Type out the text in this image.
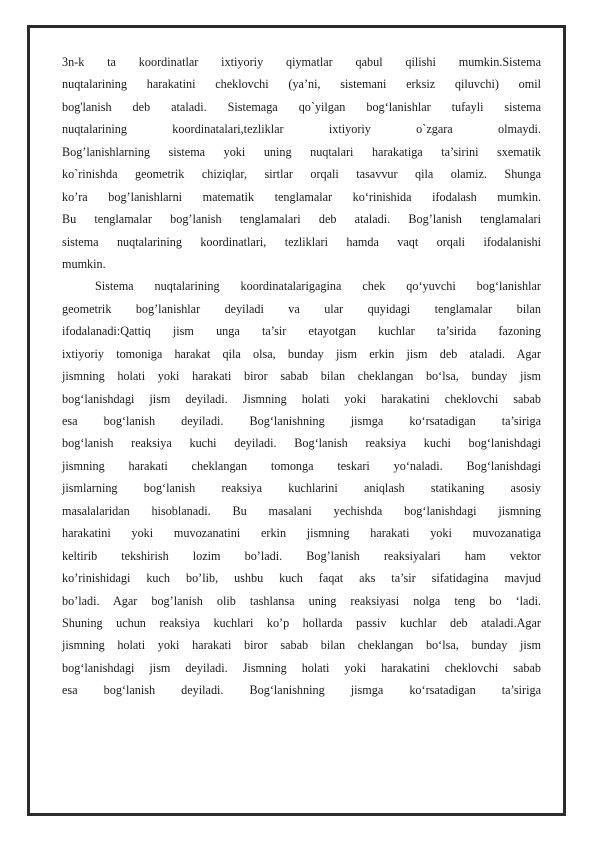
3n-k ta koordinatlar ixtiyoriy qiymatlar qabul qilishi mumkin.Sistema
nuqtalarining harakatini cheklovchi (ya’ni, sistemani erksiz qiluvchi) omil
bog'lanish deb ataladi. Sistemaga qo`yilgan bog‘lanishlar tufayli sistema
nuqtalarining koordinatalari,tezliklar ixtiyoriy o`zgara olmaydi.
Bog’lanishlarning sistema yoki uning nuqtalari harakatiga ta’sirini sxematik
ko`rinishda geometrik chiziqlar, sirtlar orqali tasavvur qila olamiz. Shunga
ko’ra bog’lanishlarni matematik tenglamalar ko‘rinishida ifodalash mumkin.
Bu tenglamalar bog’lanish tenglamalari deb ataladi. Bog’lanish tenglamalari
sistema nuqtalarining koordinatlari, tezliklari hamda vaqt orqali ifodalanishi
mumkin.

Sistema nuqtalarining koordinatalarigagina chek qo‘yuvchi bog‘lanishlar
geometrik bog’lanishlar deyiladi va ular quyidagi tenglamalar bilan
ifodalanadi:Qattiq jism unga ta’sir etayotgan kuchlar ta’sirida fazoning
ixtiyoriy tomoniga harakat qila olsa, bunday jism erkin jism deb ataladi. Agar
jismning holati yoki harakati biror sabab bilan cheklangan bo‘lsa, bunday jism
bog‘lanishdagi jism deyiladi. Jismning holati yoki harakatini cheklovchi sabab
esa bog‘lanish deyiladi. Bog‘lanishning jismga ko‘rsatadigan ta’siriga
bog‘lanish reaksiya kuchi deyiladi. Bog‘lanish reaksiya kuchi bog‘lanishdagi
jismning harakati cheklangan tomonga teskari yo‘naladi. Bog‘lanishdagi
jismlarning bog‘lanish reaksiya kuchlarini aniqlash statikaning asosiy
masalalaridan hisoblanadi. Bu masalani yechishda bog‘lanishdagi jismning
harakatini yoki muvozanatini erkin jismning harakati yoki muvozanatiga
keltirib tekshirish lozim bo’ladi. Bog’lanish reaksiyalari ham vektor
ko’rinishidagi kuch bo’lib, ushbu kuch faqat aks ta’sir sifatidagina mavjud
bo’ladi. Agar bog’lanish olib tashlansa uning reaksiyasi nolga teng bo ‘ladi.
Shuning uchun reaksiya kuchlari ko’p hollarda passiv kuchlar deb ataladi.Agar
jismning holati yoki harakati biror sabab bilan cheklangan bo‘lsa, bunday jism
bog‘lanishdagi jism deyiladi. Jismning holati yoki harakatini cheklovchi sabab
esa bog‘lanish deyiladi. Bog‘lanishning jismga ko‘rsatadigan ta’siriga
